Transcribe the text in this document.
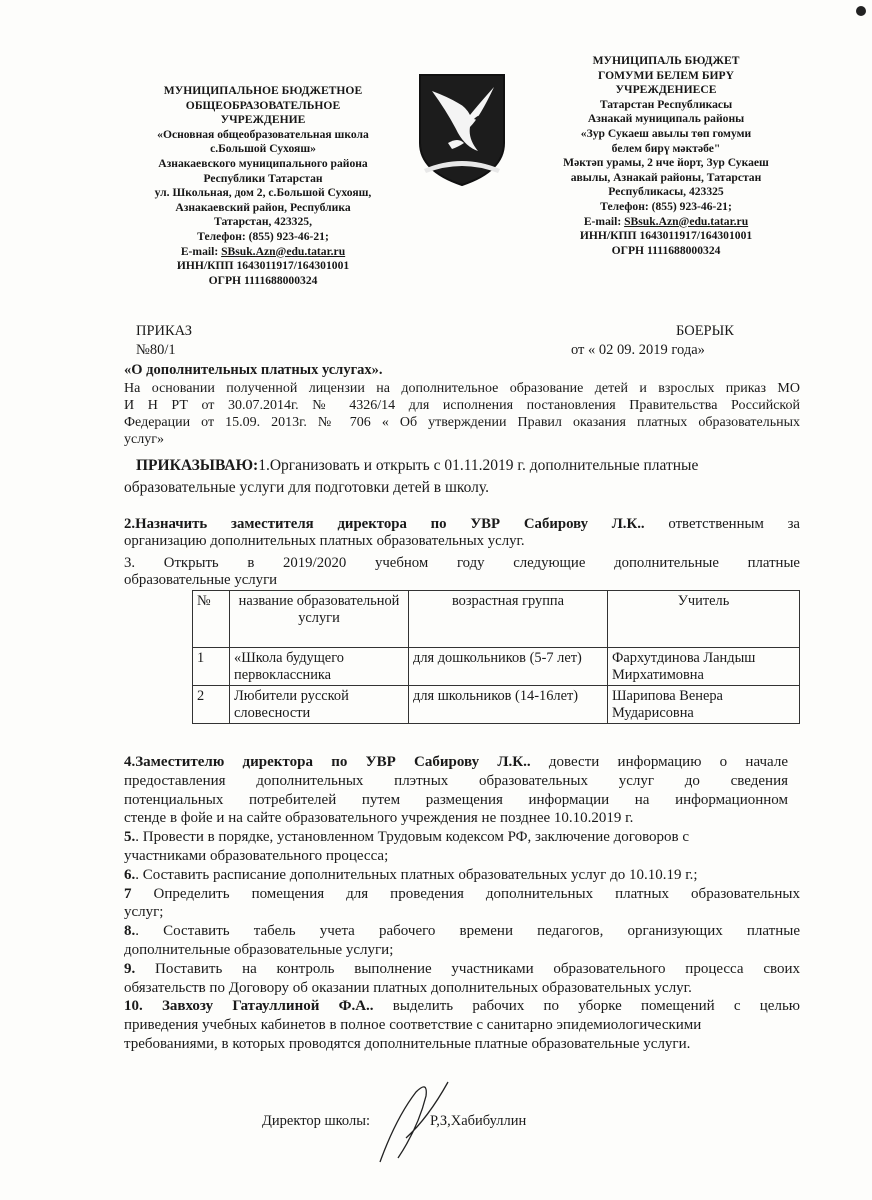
МУНИЦИПАЛЬНОЕ БЮДЖЕТНОЕ
ОБЩЕОБРАЗОВАТЕЛЬНОЕ
УЧРЕЖДЕНИЕ
«Основная общеобразовательная школа
с.Большой Сухояш»
Азнакаевского муниципального района
Республики Татарстан
ул. Школьная, дом 2, с.Большой Сухояш,
Азнакаевский район, Республика
Татарстан, 423325,
Телефон: (855) 923-46-21;
E-mail: SBsuk.Azn@edu.tatar.ru
ИНН/КПП 1643011917/164301001
ОГРН 1111688000324
МУНИЦИПАЛЬ БЮДЖЕТ
ГОМУМИ БЕЛЕМ БИРҮ
УЧРЕЖДЕНИЕСЕ
Татарстан Республикасы
Азнакай муниципаль районы
«Зур Сукаеш авылы төп гомуми
белем бирү мәктәбе"
Мәктәп урамы, 2 нче йорт, Зур Сукаеш
авылы, Азнакай районы, Татарстан
Республикасы, 423325
Телефон: (855) 923-46-21;
E-mail: SBsuk.Azn@edu.tatar.ru
ИНН/КПП 1643011917/164301001
ОГРН 1111688000324
ПРИКАЗ
№80/1
БОЕРЫК
от « 02 09. 2019 года»
«О дополнительных платных услугах».
На основании полученной лицензии на дополнительное образование детей и взрослых приказ МО
И Н РТ от 30.07.2014г. № 4326/14 для исполнения постановления Правительства Российской
Федерации от 15.09. 2013г. № 706 « Об утверждении Правил оказания платных образовательных
услуг»
ПРИКАЗЫВАЮ:1.Организовать и открыть с 01.11.2019 г. дополнительные платные
образовательные услуги для подготовки детей в школу.
2.Назначить заместителя директора по УВР Сабирову Л.К.. ответственным за
организацию дополнительных платных образовательных услуг.
3. Открыть в 2019/2020 учебном году следующие дополнительные платные
образовательные услуги
№	название образовательной услуги	возрастная группа	Учитель
1	«Школа будущего первоклассника	для дошкольников (5-7 лет)	Фархутдинова Ландыш Мирхатимовна
2	Любители русской словесности	для школьников (14-16лет)	Шарипова Венера Мударисовна
4.Заместителю директора по УВР Сабирову Л.К.. довести информацию о начале
предоставления дополнительных плэтных образовательных услуг до сведения
потенциальных потребителей путем размещения информации на информационном
стенде в фойе и на сайте образовательного учреждения не позднее 10.10.2019 г.
5.. Провести в порядке, установленном Трудовым кодексом РФ, заключение договоров с
участниками образовательного процесса;
6.. Составить расписание дополнительных платных образовательных услуг до 10.10.19 г.;
7 Определить помещения для проведения дополнительных платных образовательных
услуг;
8.. Составить табель учета рабочего времени педагогов, организующих платные
дополнительные образовательные услуги;
9. Поставить на контроль выполнение участниками образовательного процесса своих
обязательств по Договору об оказании платных дополнительных образовательных услуг.
10. Завхозу Гатауллиной Ф.А.. выделить рабочих по уборке помещений с целью
приведения учебных кабинетов в полное соответствие с санитарно эпидемиологическими
требованиями, в которых проводятся дополнительные платные образовательные услуги.
Директор школы:	Р,З,Хабибуллин
